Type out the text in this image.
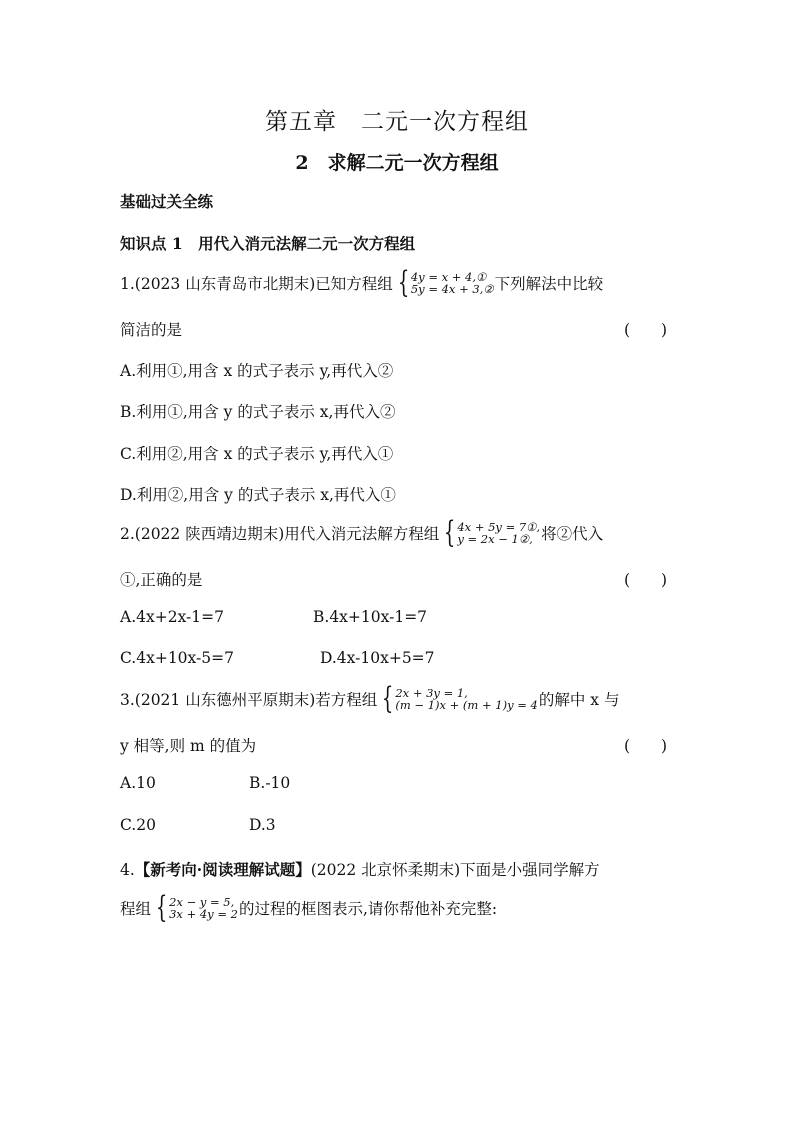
第五章　二元一次方程组
2　求解二元一次方程组
基础过关全练
知识点 1　用代入消元法解二元一次方程组
1.(2023 山东青岛市北期末)已知方程组 { 4y = x + 4,①
5y = 4x + 3,② 下列解法中比较
简洁的是	(　　)
A.利用①,用含 x 的式子表示 y,再代入②
B.利用①,用含 y 的式子表示 x,再代入②
C.利用②,用含 x 的式子表示 y,再代入①
D.利用②,用含 y 的式子表示 x,再代入①
2.(2022 陕西靖边期末)用代入消元法解方程组 { 4x + 5y = 7①,
y = 2x − 1②, 将②代入
①,正确的是	(　　)
A.4x+2x-1=7	B.4x+10x-1=7
C.4x+10x-5=7	D.4x-10x+5=7
3.(2021 山东德州平原期末)若方程组 { 2x + 3y = 1,
(m − 1)x + (m + 1)y = 4 的解中 x 与
y 相等,则 m 的值为	(　　)
A.10	B.-10
C.20	D.3
4.【新考向·阅读理解试题】(2022 北京怀柔期末)下面是小强同学解方
程组 { 2x − y = 5,
3x + 4y = 2 的过程的框图表示,请你帮他补充完整:
